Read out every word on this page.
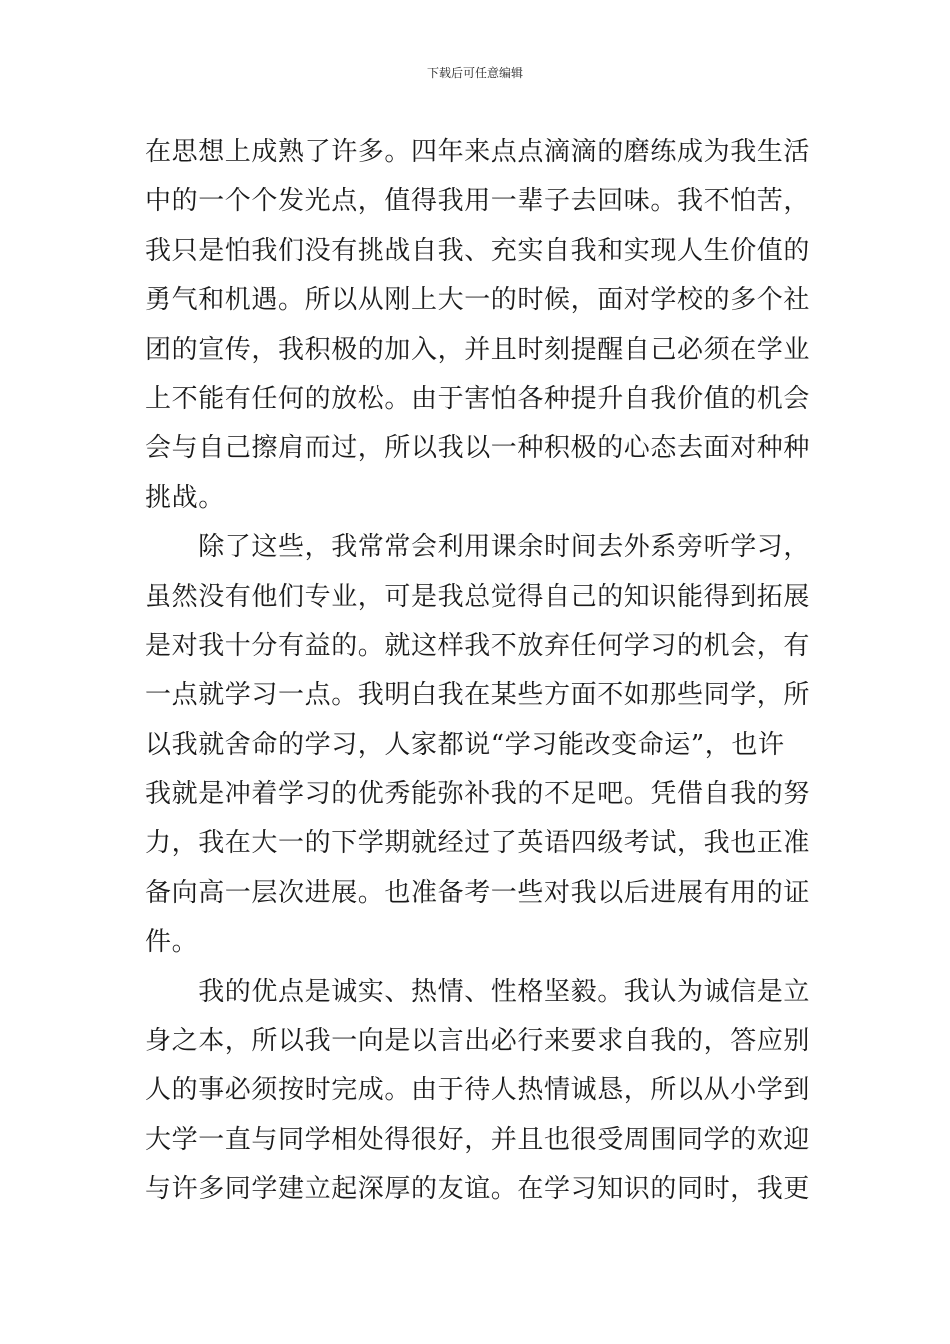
下载后可任意编辑
在思想上成熟了许多。四年来点点滴滴的磨练成为我生活
中的一个个发光点，值得我用一辈子去回味。我不怕苦，
我只是怕我们没有挑战自我、充实自我和实现人生价值的
勇气和机遇。所以从刚上大一的时候，面对学校的多个社
团的宣传，我积极的加入，并且时刻提醒自己必须在学业
上不能有任何的放松。由于害怕各种提升自我价值的机会
会与自己擦肩而过，所以我以一种积极的心态去面对种种
挑战。
　　除了这些，我常常会利用课余时间去外系旁听学习，
虽然没有他们专业，可是我总觉得自己的知识能得到拓展
是对我十分有益的。就这样我不放弃任何学习的机会，有
一点就学习一点。我明白我在某些方面不如那些同学，所
以我就舍命的学习，人家都说“学习能改变命运”，也许
我就是冲着学习的优秀能弥补我的不足吧。凭借自我的努
力，我在大一的下学期就经过了英语四级考试，我也正准
备向高一层次进展。也准备考一些对我以后进展有用的证
件。
　　我的优点是诚实、热情、性格坚毅。我认为诚信是立
身之本，所以我一向是以言出必行来要求自我的，答应别
人的事必须按时完成。由于待人热情诚恳，所以从小学到
大学一直与同学相处得很好，并且也很受周围同学的欢迎
与许多同学建立起深厚的友谊。在学习知识的同时，我更
